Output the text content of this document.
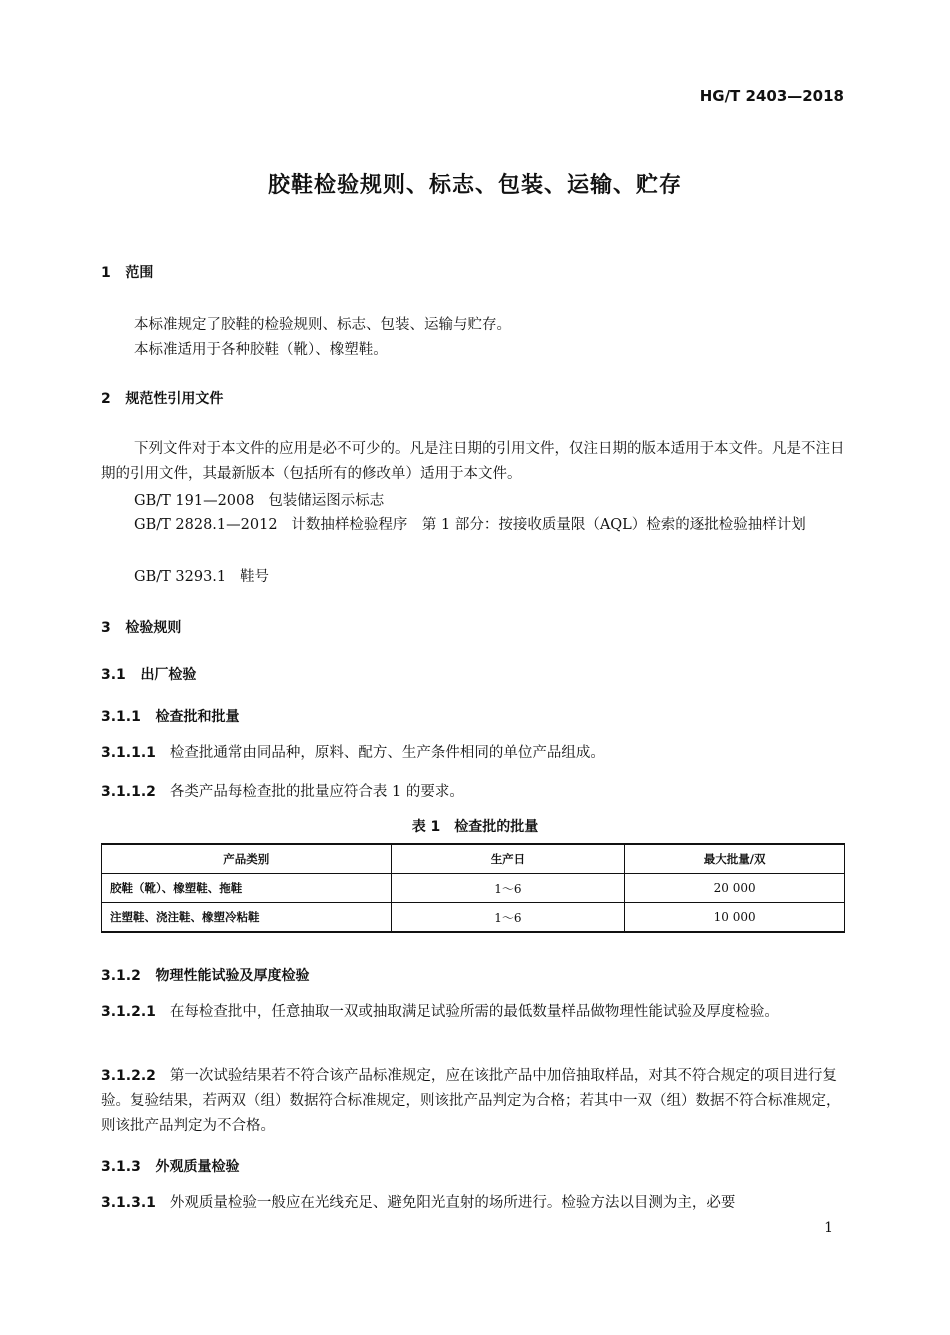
HG/T 2403—2018
胶鞋检验规则、标志、包装、运输、贮存
1 范围
本标准规定了胶鞋的检验规则、标志、包装、运输与贮存。
本标准适用于各种胶鞋（靴）、橡塑鞋。
2 规范性引用文件
下列文件对于本文件的应用是必不可少的。凡是注日期的引用文件，仅注日期的版本适用于本文件。凡是不注日期的引用文件，其最新版本（包括所有的修改单）适用于本文件。
GB/T 191—2008 包装储运图示标志
GB/T 2828.1—2012 计数抽样检验程序　第 1 部分：按接收质量限（AQL）检索的逐批检验抽样计划
GB/T 3293.1 鞋号
3 检验规则
3.1 出厂检验
3.1.1 检查批和批量
3.1.1.1 检查批通常由同品种，原料、配方、生产条件相同的单位产品组成。
3.1.1.2 各类产品每检查批的批量应符合表 1 的要求。
表 1　检查批的批量
产品类别	生产日	最大批量/双
胶鞋（靴）、橡塑鞋、拖鞋	1～6	20 000
注塑鞋、浇注鞋、橡塑冷粘鞋	1～6	10 000
3.1.2 物理性能试验及厚度检验
3.1.2.1 在每检查批中，任意抽取一双或抽取满足试验所需的最低数量样品做物理性能试验及厚度检验。
3.1.2.2 第一次试验结果若不符合该产品标准规定，应在该批产品中加倍抽取样品，对其不符合规定的项目进行复验。复验结果，若两双（组）数据符合标准规定，则该批产品判定为合格；若其中一双（组）数据不符合标准规定，则该批产品判定为不合格。
3.1.3 外观质量检验
3.1.3.1 外观质量检验一般应在光线充足、避免阳光直射的场所进行。检验方法以目测为主，必要
1
